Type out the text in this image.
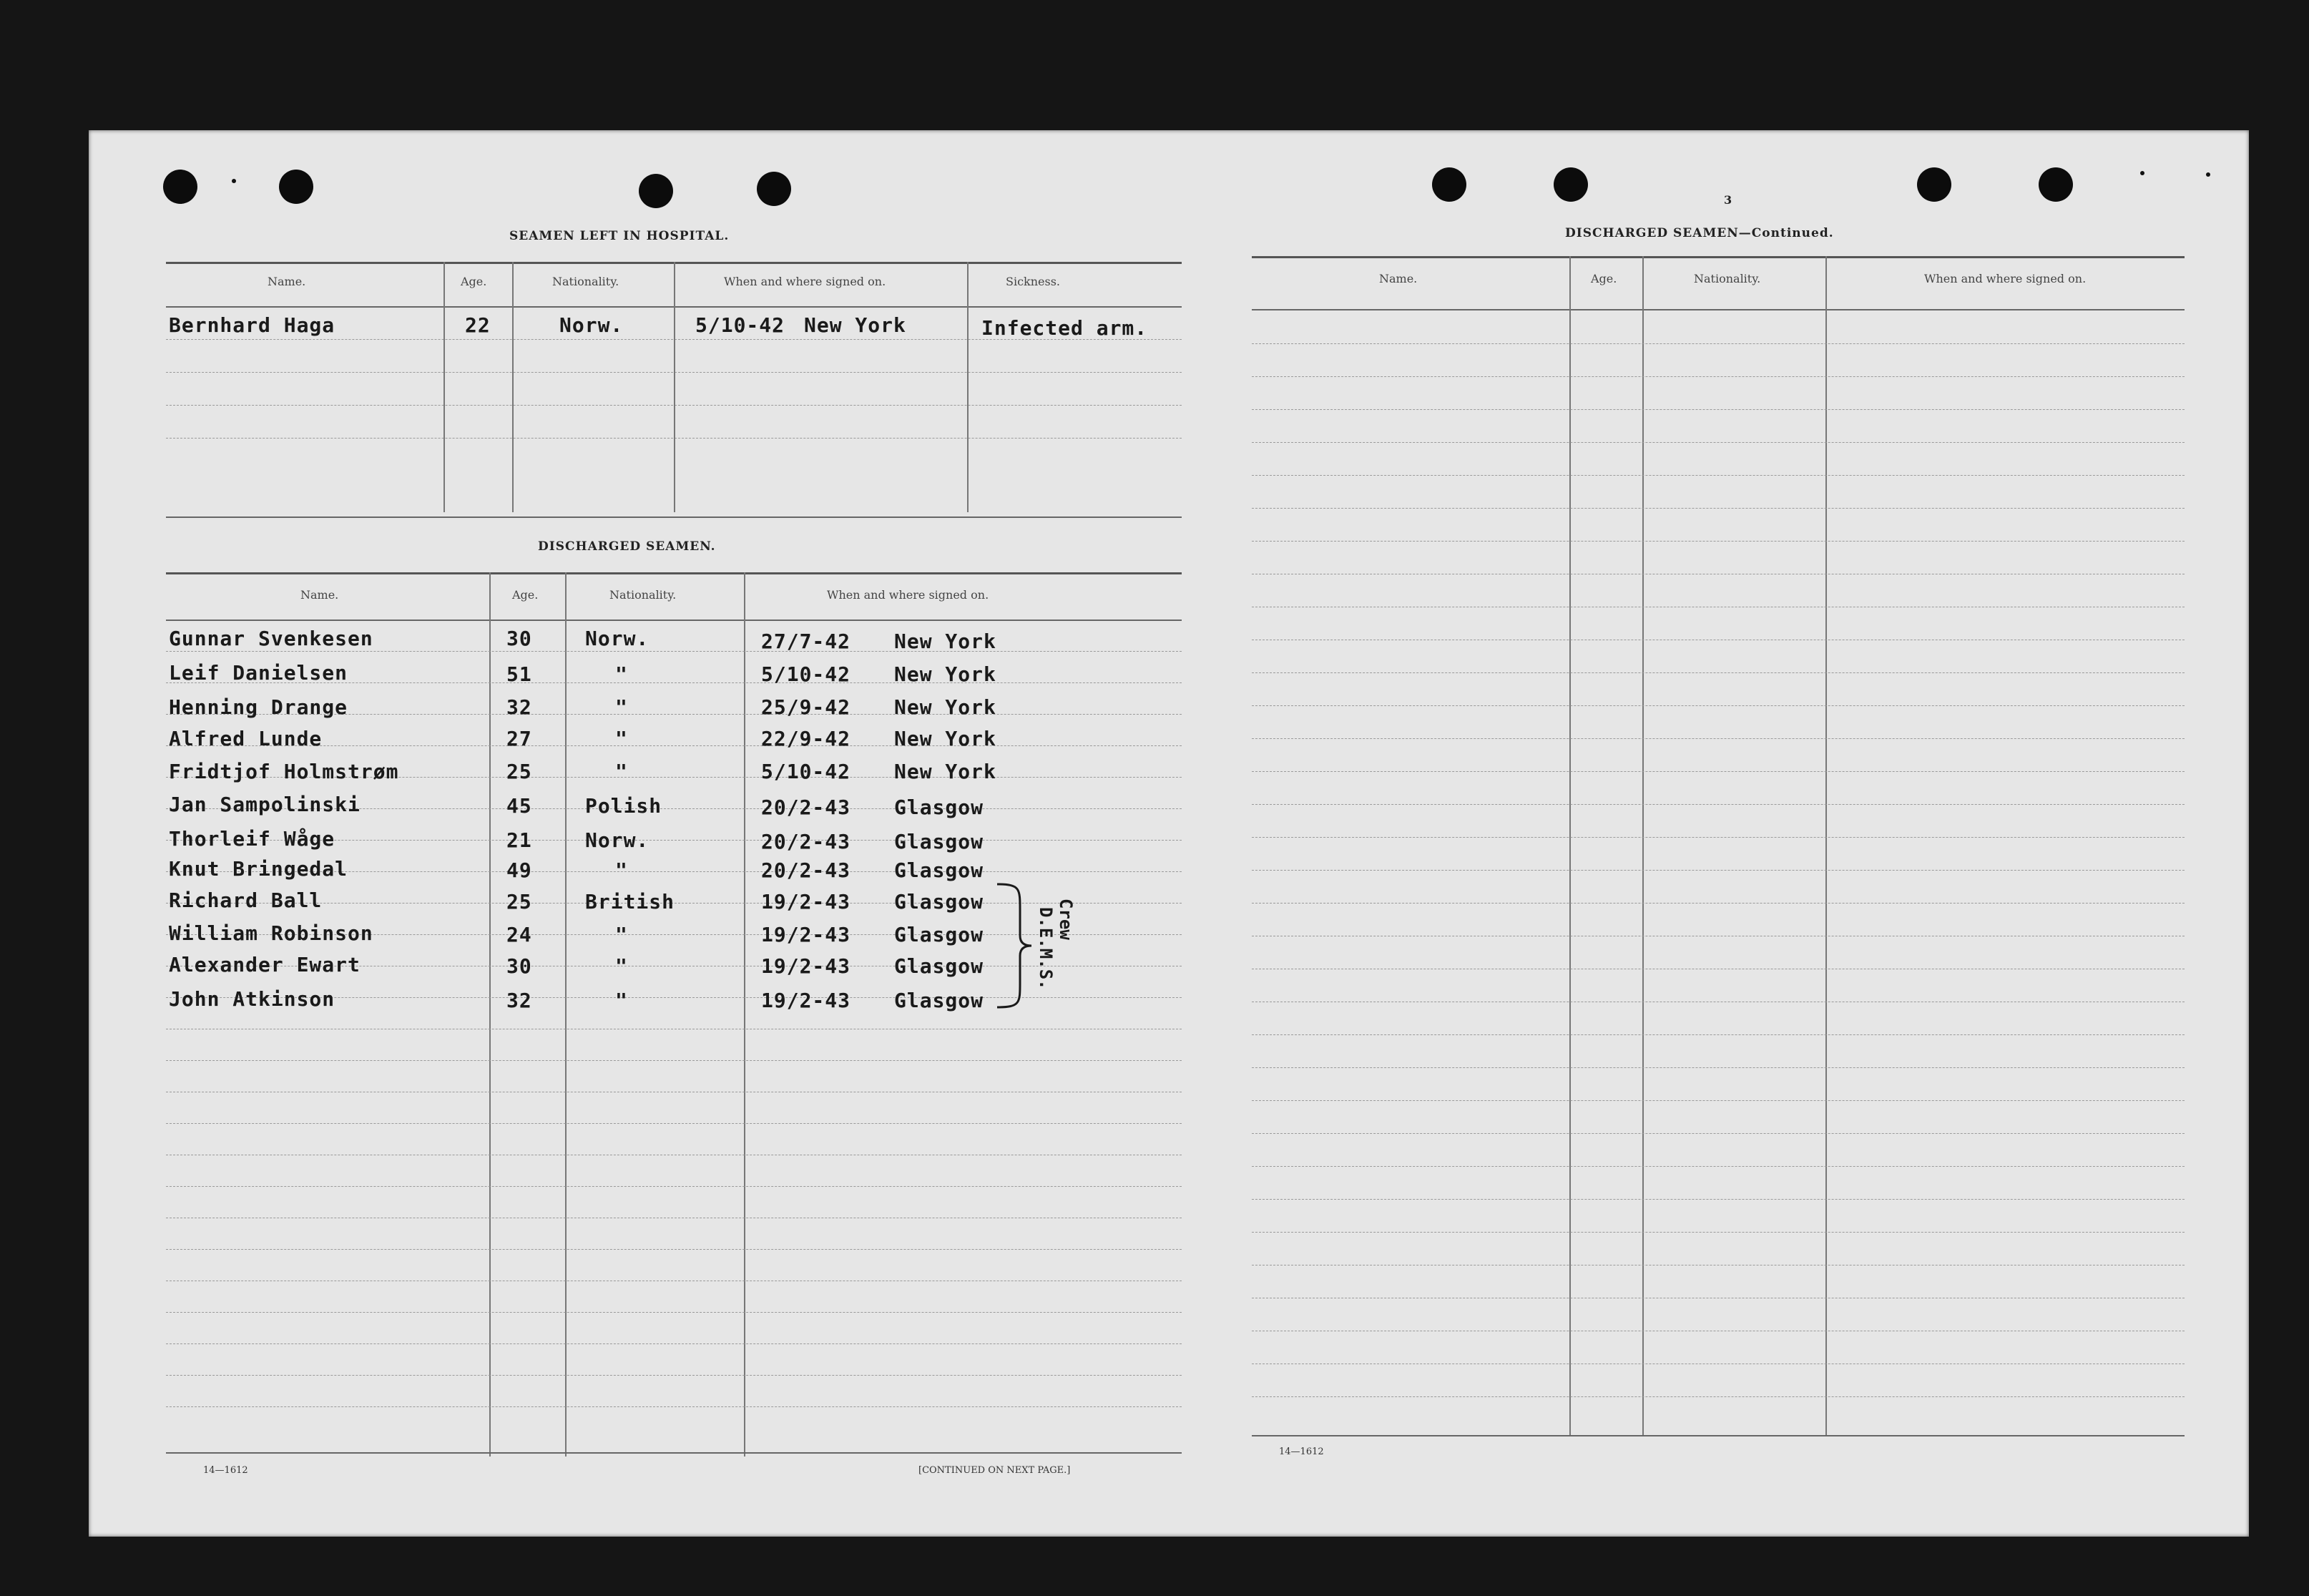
SEAMEN LEFT IN HOSPITAL.
Name.	Age.	Nationality.	When and where signed on.	Sickness.
Bernhard Haga	22	Norw.	5/10-42 New York	Infected arm.
DISCHARGED SEAMEN.
Name.	Age.	Nationality.	When and where signed on.
Gunnar Svenkesen	30	Norw.	27/7-42 New York
Leif Danielsen	51	"	5/10-42 New York
Henning Drange	32	"	25/9-42 New York
Alfred Lunde	27	"	22/9-42 New York
Fridtjof Holmstrøm	25	"	5/10-42 New York
Jan Sampolinski	45	Polish	20/2-43 Glasgow
Thorleif Wåge	21	Norw.	20/2-43 Glasgow
Knut Bringedal	49	"	20/2-43 Glasgow
Richard Ball	25	British	19/2-43 Glasgow
William Robinson	24	"	19/2-43 Glasgow
Alexander Ewart	30	"	19/2-43 Glasgow
John Atkinson	32	"	19/2-43 Glasgow
D.E.M.S. Crew
14—1612	[CONTINUED ON NEXT PAGE.]
3
DISCHARGED SEAMEN—Continued.
Name.	Age.	Nationality.	When and where signed on.
14—1612
